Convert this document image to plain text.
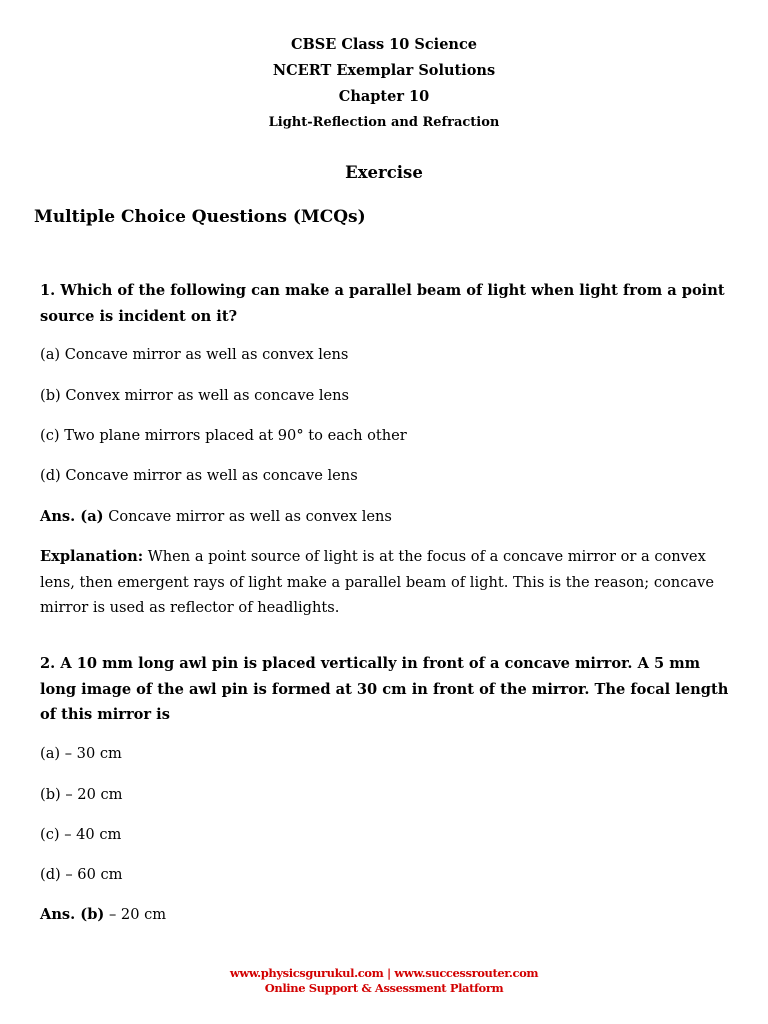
CBSE Class 10 Science
NCERT Exemplar Solutions
Chapter 10
Light-Reflection and Refraction
Exercise
Multiple Choice Questions (MCQs)
1. Which of the following can make a parallel beam of light when light from a point source is incident on it?
(a) Concave mirror as well as convex lens
(b) Convex mirror as well as concave lens
(c) Two plane mirrors placed at 90° to each other
(d) Concave mirror as well as concave lens
Ans. (a) Concave mirror as well as convex lens
Explanation: When a point source of light is at the focus of a concave mirror or a convex lens, then emergent rays of light make a parallel beam of light. This is the reason; concave mirror is used as reflector of headlights.
2. A 10 mm long awl pin is placed vertically in front of a concave mirror. A 5 mm long image of the awl pin is formed at 30 cm in front of the mirror. The focal length of this mirror is
(a) – 30 cm
(b) – 20 cm
(c) – 40 cm
(d) – 60 cm
Ans. (b) – 20 cm
www.physicsgurukul.com | www.successrouter.com
Online Support & Assessment Platform
